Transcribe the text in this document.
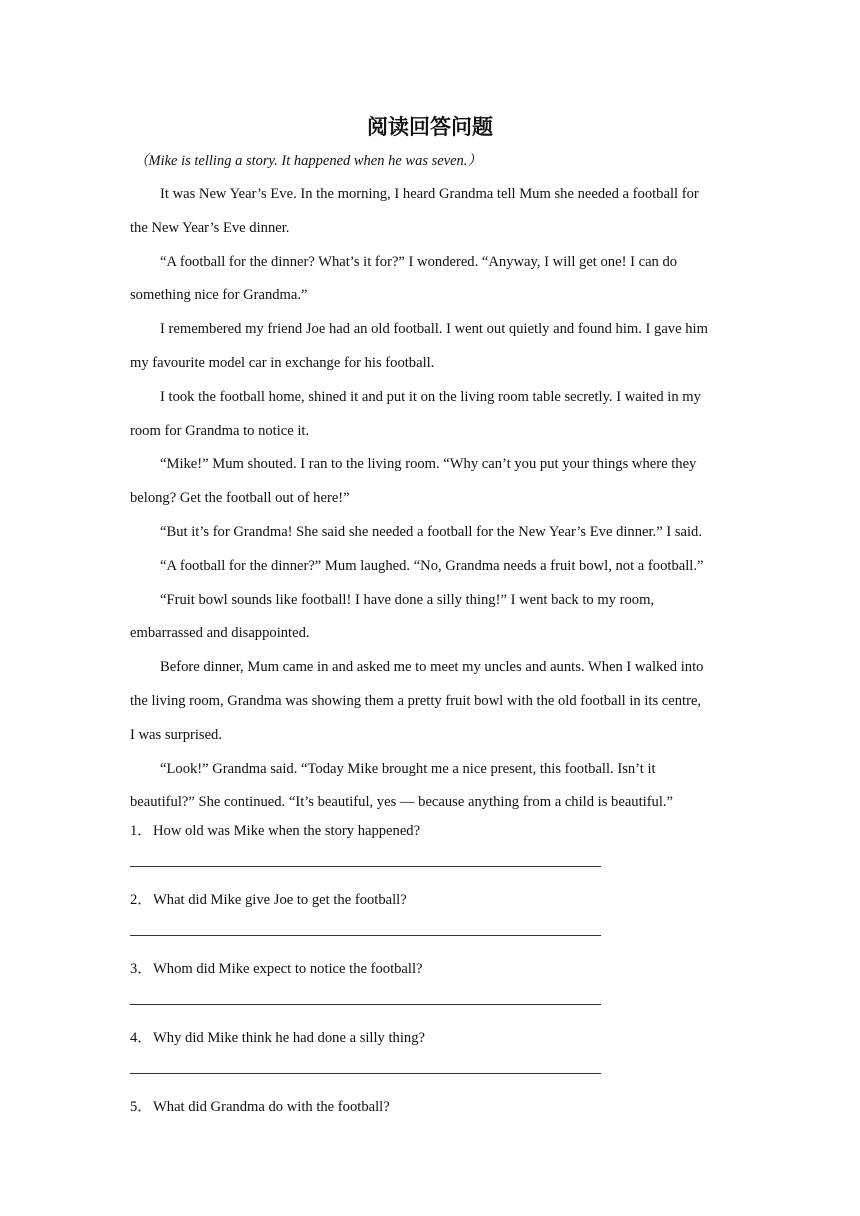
阅读回答问题
（Mike is telling a story. It happened when he was seven.）

It was New Year’s Eve. In the morning, I heard Grandma tell Mum she needed a football for
the New Year’s Eve dinner.

“A football for the dinner? What’s it for?” I wondered. “Anyway, I will get one! I can do
something nice for Grandma.”

I remembered my friend Joe had an old football. I went out quietly and found him. I gave him
my favourite model car in exchange for his football.

I took the football home, shined it and put it on the living room table secretly. I waited in my
room for Grandma to notice it.

“Mike!” Mum shouted. I ran to the living room. “Why can’t you put your things where they
belong? Get the football out of here!”

“But it’s for Grandma! She said she needed a football for the New Year’s Eve dinner.” I said.

“A football for the dinner?” Mum laughed. “No, Grandma needs a fruit bowl, not a football.”

“Fruit bowl sounds like football! I have done a silly thing!” I went back to my room,
embarrassed and disappointed.

Before dinner, Mum came in and asked me to meet my uncles and aunts. When I walked into
the living room, Grandma was showing them a pretty fruit bowl with the old football in its centre,
I was surprised.

“Look!” Grandma said. “Today Mike brought me a nice present, this football. Isn’t it
beautiful?” She continued. “It’s beautiful, yes — because anything from a child is beautiful.”

1．How old was Mike when the story happened?
2．What did Mike give Joe to get the football?
3．Whom did Mike expect to notice the football?
4．Why did Mike think he had done a silly thing?
5．What did Grandma do with the football?
